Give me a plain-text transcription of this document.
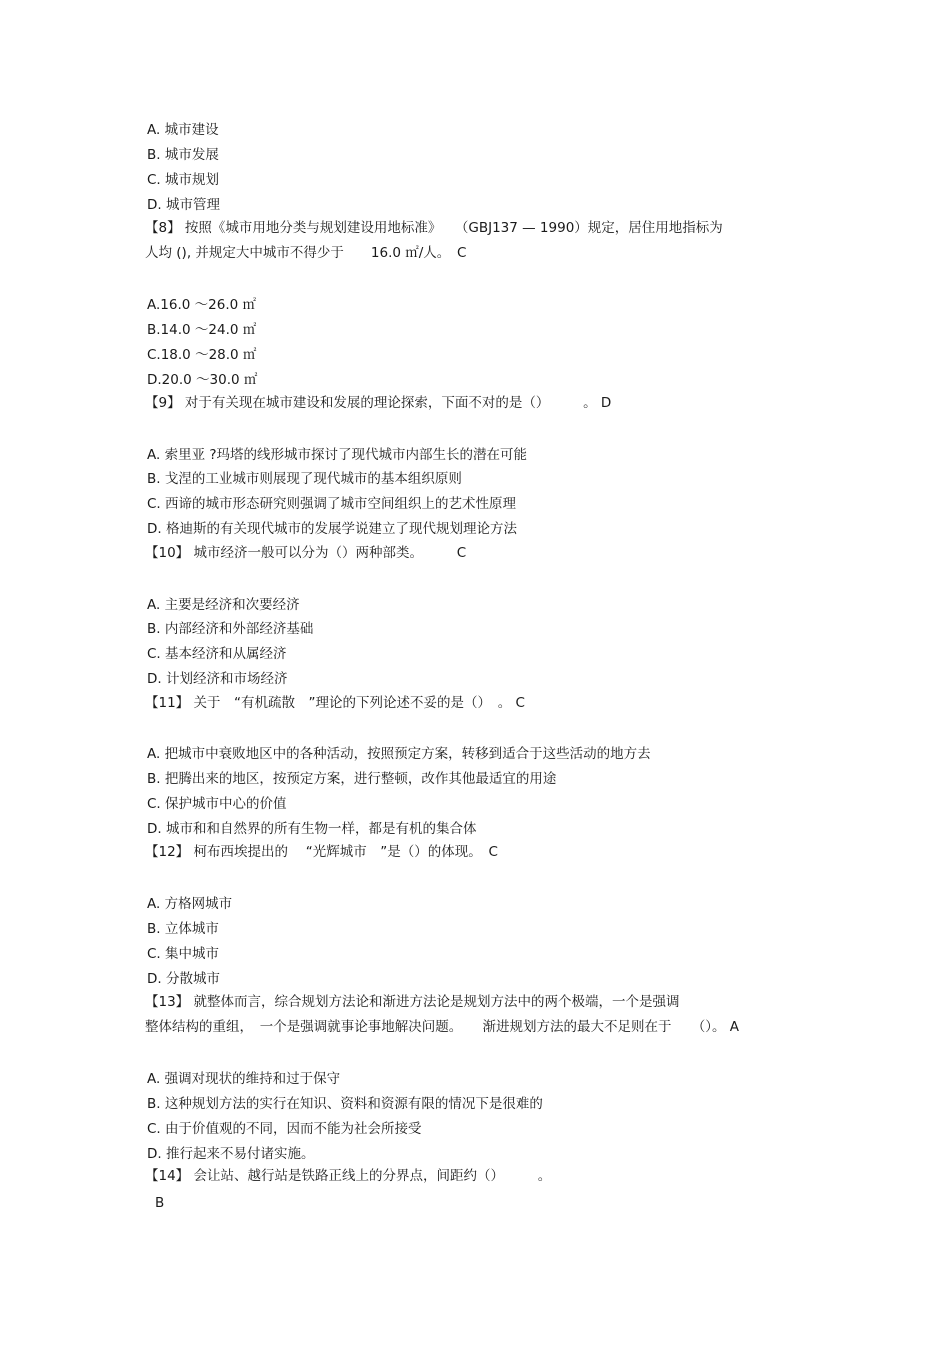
A. 城市建设
B. 城市发展
C. 城市规划
D. 城市管理
【8】 按照《城市用地分类与规划建设用地标准》　　（GBJ137 — 1990）规定，居住用地指标为
人均 (), 并规定大中城市不得少于　　16.0 ㎡/人。　C
A.16.0 ～26.0 ㎡
B.14.0 ～24.0 ㎡
C.18.0 ～28.0 ㎡
D.20.0 ～30.0 ㎡
【9】 对于有关现在城市建设和发展的理论探索，下面不对的是（）　　　。 D
A. 索里亚 ?玛塔的线形城市探讨了现代城市内部生长的潜在可能
B. 戈涅的工业城市则展现了现代城市的基本组织原则
C. 西谛的城市形态研究则强调了城市空间组织上的艺术性原理
D. 格迪斯的有关现代城市的发展学说建立了现代规划理论方法
【10】 城市经济一般可以分为（）两种部类。　　　C
A. 主要是经济和次要经济
B. 内部经济和外部经济基础
C. 基本经济和从属经济
D. 计划经济和市场经济
【11】 关于　“有机疏散　”理论的下列论述不妥的是（）　。 C
A. 把城市中衰败地区中的各种活动，按照预定方案，转移到适合于这些活动的地方去
B. 把腾出来的地区，按预定方案，进行整顿，改作其他最适宜的用途
C. 保护城市中心的价值
D. 城市和和自然界的所有生物一样，都是有机的集合体
【12】 柯布西埃提出的　 “光辉城市　”是（）的体现。　C
A. 方格网城市
B. 立体城市
C. 集中城市
D. 分散城市
【13】 就整体而言，综合规划方法论和渐进方法论是规划方法中的两个极端，一个是强调
整体结构的重组，　一个是强调就事论事地解决问题。　　渐进规划方法的最大不足则在于　　（）。 A
A. 强调对现状的维持和过于保守
B. 这种规划方法的实行在知识、资料和资源有限的情况下是很难的
C. 由于价值观的不同，因而不能为社会所接受
D. 推行起来不易付诸实施。
【14】 会让站、越行站是铁路正线上的分界点，间距约（）　　　。
B
